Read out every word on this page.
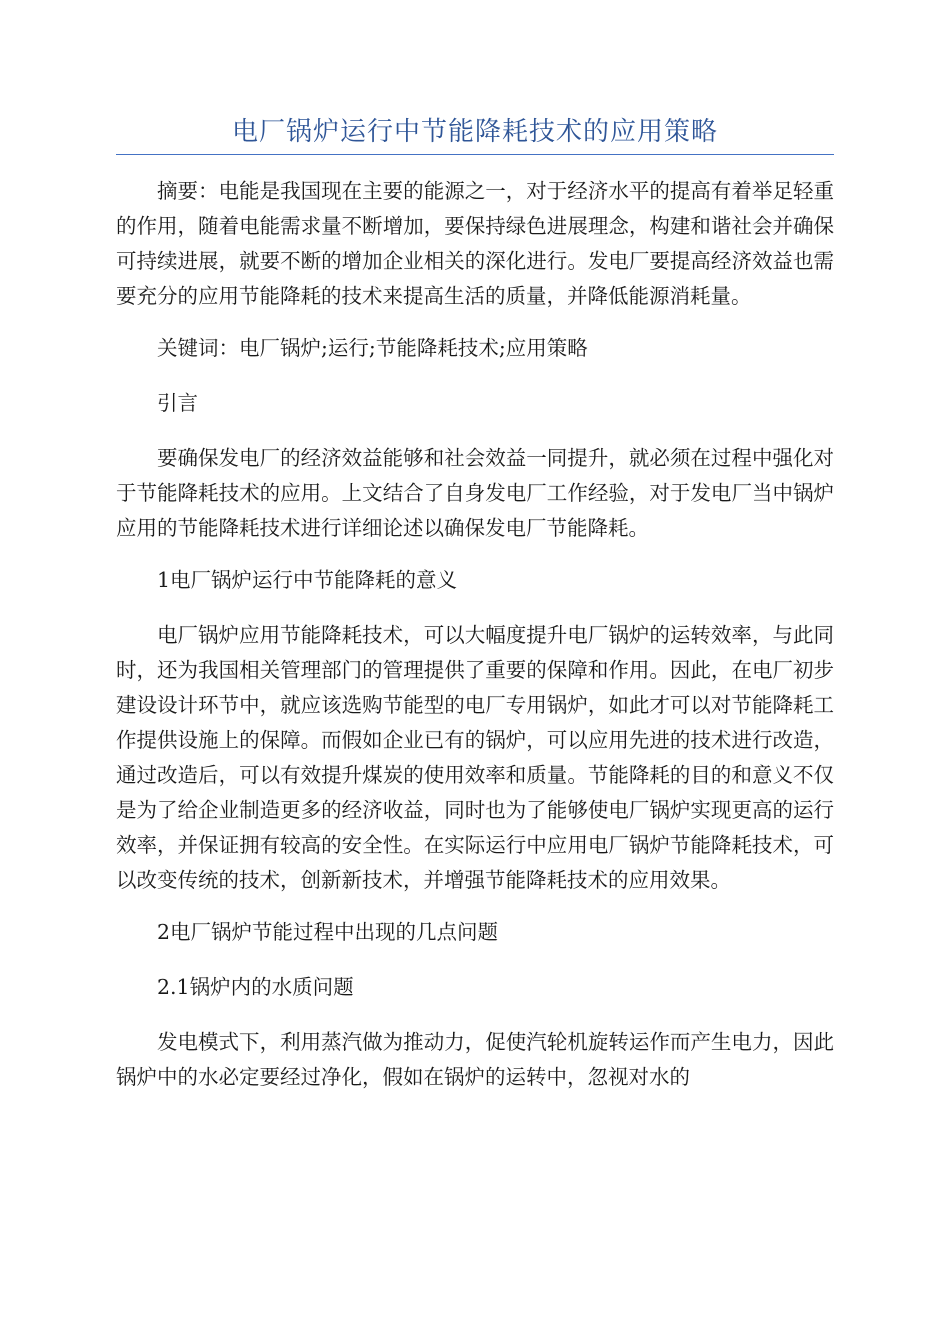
电厂锅炉运行中节能降耗技术的应用策略

摘要：电能是我国现在主要的能源之一，对于经济水平的提高有着举足轻重的作用，随着电能需求量不断增加，要保持绿色进展理念，构建和谐社会并确保可持续进展，就要不断的增加企业相关的深化进行。发电厂要提高经济效益也需要充分的应用节能降耗的技术来提高生活的质量，并降低能源消耗量。

关键词：电厂锅炉;运行;节能降耗技术;应用策略

引言

要确保发电厂的经济效益能够和社会效益一同提升，就必须在过程中强化对于节能降耗技术的应用。上文结合了自身发电厂工作经验，对于发电厂当中锅炉应用的节能降耗技术进行详细论述以确保发电厂节能降耗。

1电厂锅炉运行中节能降耗的意义

电厂锅炉应用节能降耗技术，可以大幅度提升电厂锅炉的运转效率，与此同时，还为我国相关管理部门的管理提供了重要的保障和作用。因此，在电厂初步建设设计环节中，就应该选购节能型的电厂专用锅炉，如此才可以对节能降耗工作提供设施上的保障。而假如企业已有的锅炉，可以应用先进的技术进行改造，通过改造后，可以有效提升煤炭的使用效率和质量。节能降耗的目的和意义不仅是为了给企业制造更多的经济收益，同时也为了能够使电厂锅炉实现更高的运行效率，并保证拥有较高的安全性。在实际运行中应用电厂锅炉节能降耗技术，可以改变传统的技术，创新新技术，并增强节能降耗技术的应用效果。

2电厂锅炉节能过程中出现的几点问题

2.1锅炉内的水质问题

发电模式下，利用蒸汽做为推动力，促使汽轮机旋转运作而产生电力，因此锅炉中的水必定要经过净化，假如在锅炉的运转中，忽视对水的
